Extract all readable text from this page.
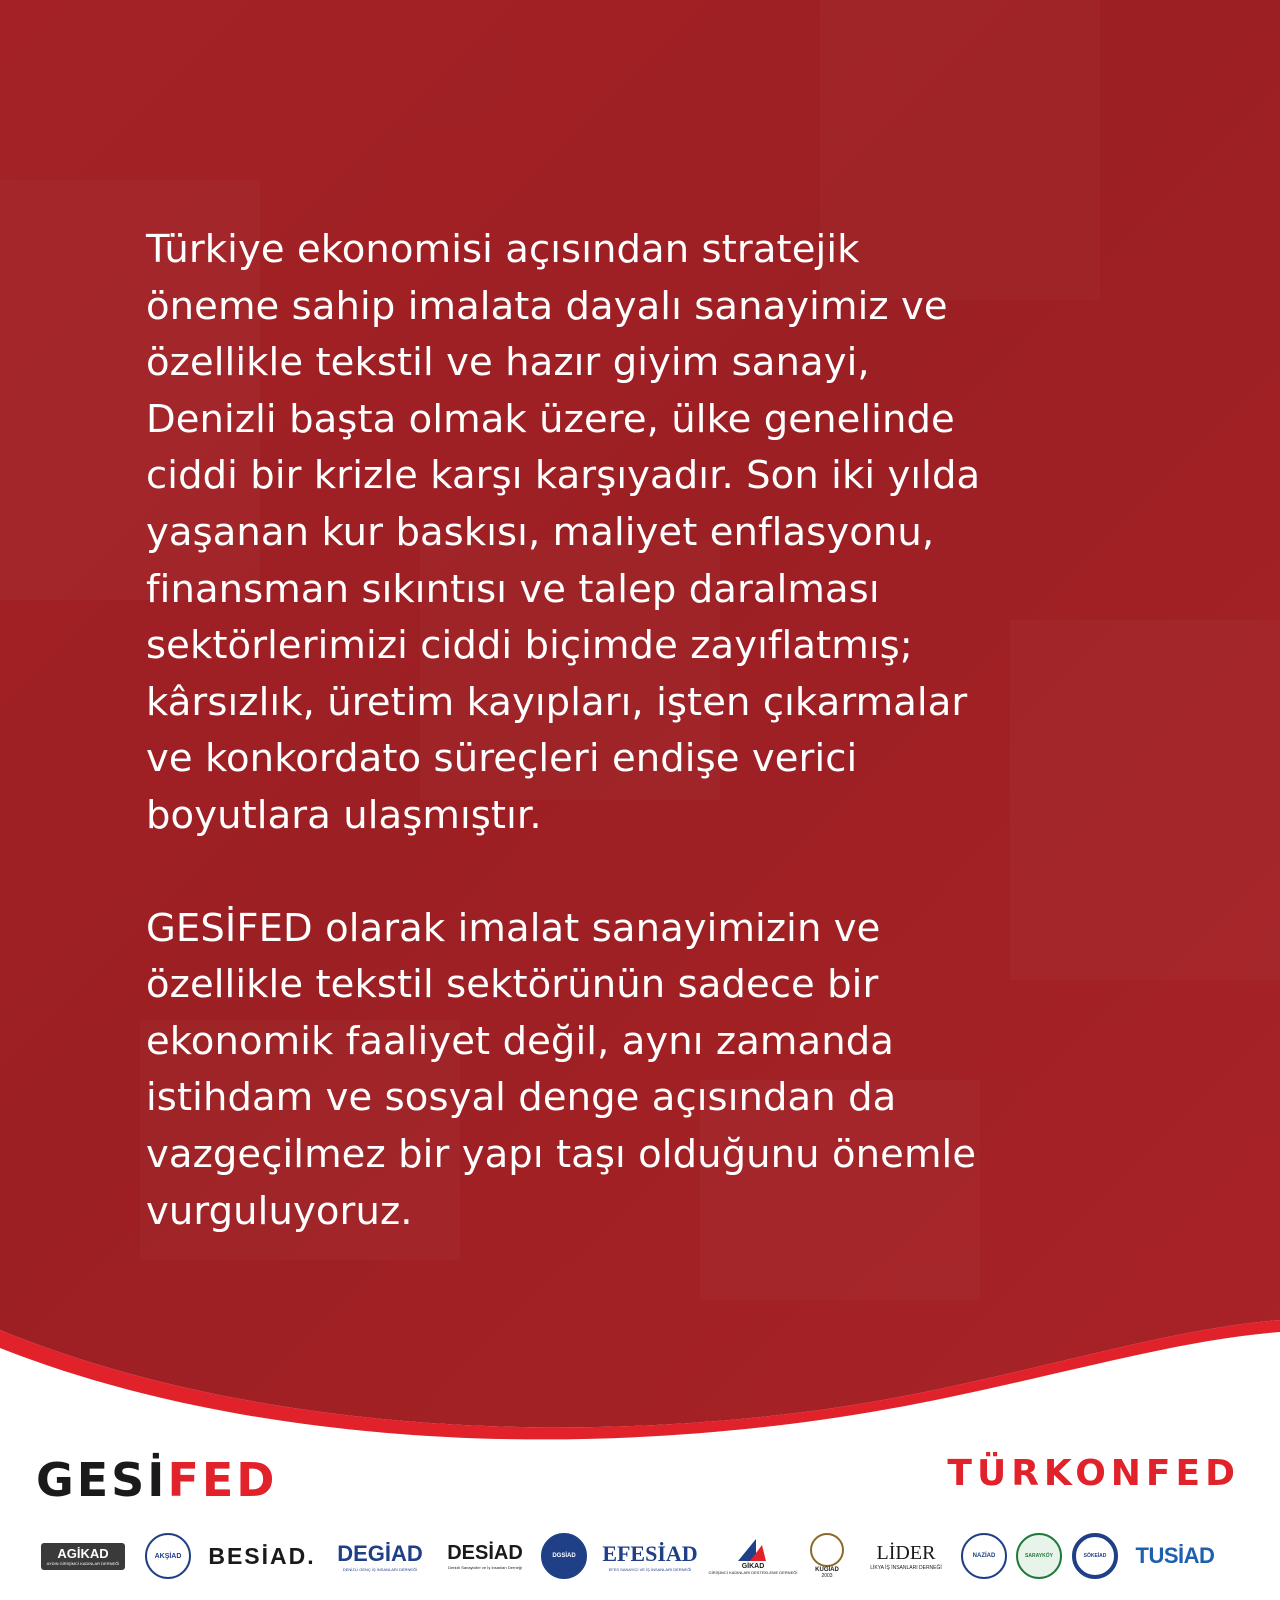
Türkiye ekonomisi açısından stratejik
öneme sahip imalata dayalı sanayimiz ve
özellikle tekstil ve hazır giyim sanayi,
Denizli başta olmak üzere, ülke genelinde
ciddi bir krizle karşı karşıyadır. Son iki yılda
yaşanan kur baskısı, maliyet enflasyonu,
finansman sıkıntısı ve talep daralması
sektörlerimizi ciddi biçimde zayıflatmış;
kârsızlık, üretim kayıpları, işten çıkarmalar
ve konkordato süreçleri endişe verici
boyutlara ulaşmıştır.

GESİFED olarak imalat sanayimizin ve
özellikle tekstil sektörünün sadece bir
ekonomik faaliyet değil, aynı zamanda
istihdam ve sosyal denge açısından da
vazgeçilmez bir yapı taşı olduğunu önemle
vurguluyoruz.

GESİFED	TÜRKONFED
AGİKAD
AYDIN GİRİŞİMCİ KADINLAR DERNEĞİ
AKŞİAD BESİAD. DEGİAD
DENİZLİ GENÇ İŞ İNSANLARI DERNEĞİ
DESİAD
Denizli Sanayiciler ve İş İnsanları Derneği
DGSİAD EFESİAD
EFES SANAYİCİ VE İŞ İNSANLARI DERNEĞİ	GİKAD
GİRİŞİMCİ KADINLARI DESTEKLEME DERNEĞİ	KUGİAD
2003
LİDER
LİKYA İŞ İNSANLARI DERNEĞİ
NAZİAD	SARAYKÖY	SÖKEİAD TUSİAD
